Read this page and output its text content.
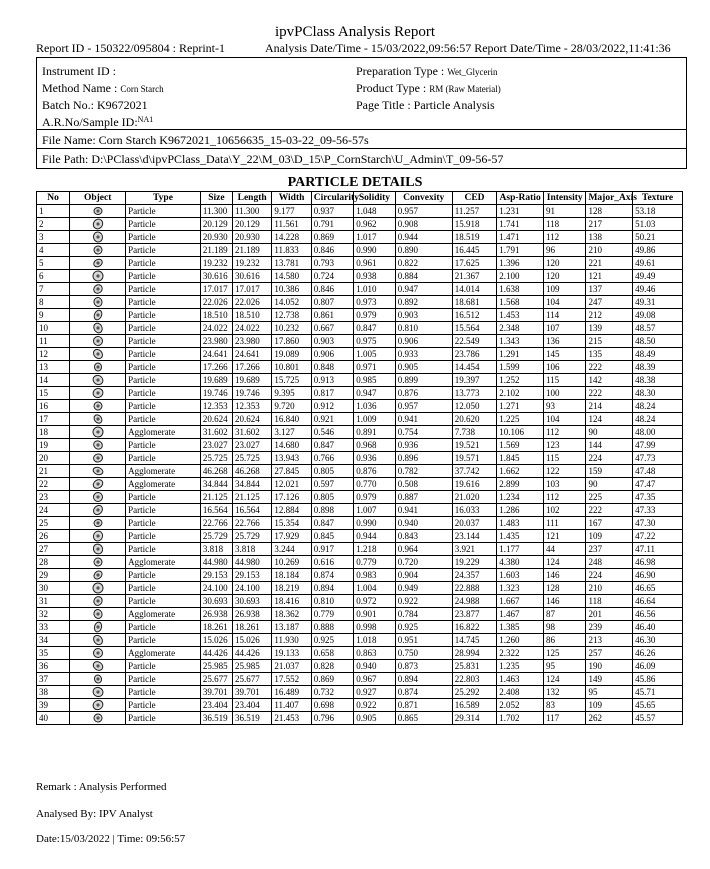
ipvPClass Analysis Report
Report ID - 150322/095804 : Reprint-1	Analysis Date/Time - 15/03/2022,09:56:57 Report Date/Time - 28/03/2022,11:41:36
Instrument ID :	Preparation Type : Wet_Glycerin
Method Name : Corn Starch	Product Type : RM (Raw Material)
Batch No.: K9672021	Page Title : Particle Analysis
A.R.No/Sample ID:$^{NA1}$
File Name: Corn Starch K9672021_10656635_15-03-22_09-56-57s
File Path: D:\PClass\d\ipvPClass_Data\Y_22\M_03\D_15\P_CornStarch\U_Admin\T_09-56-57
PARTICLE DETAILS
No	Object	Type	Size	Length	Width	Circularity	Solidity	Convexity	CED	Asp-Ratio	Intensity	Major_Axis	Texture
1		Particle	11.300	11.300	9.177	0.937	1.048	0.957	11.257	1.231	91	128	53.18
2		Particle	20.129	20.129	11.561	0.791	0.962	0.908	15.918	1.741	118	217	51.03
3		Particle	20.930	20.930	14.228	0.869	1.017	0.944	18.519	1.471	112	138	50.21
4		Particle	21.189	21.189	11.833	0.846	0.990	0.890	16.445	1.791	96	210	49.86
5		Particle	19.232	19.232	13.781	0.793	0.961	0.822	17.625	1.396	120	221	49.61
6		Particle	30.616	30.616	14.580	0.724	0.938	0.884	21.367	2.100	120	121	49.49
7		Particle	17.017	17.017	10.386	0.846	1.010	0.947	14.014	1.638	109	137	49.46
8		Particle	22.026	22.026	14.052	0.807	0.973	0.892	18.681	1.568	104	247	49.31
9		Particle	18.510	18.510	12.738	0.861	0.979	0.903	16.512	1.453	114	212	49.08
10		Particle	24.022	24.022	10.232	0.667	0.847	0.810	15.564	2.348	107	139	48.57
11		Particle	23.980	23.980	17.860	0.903	0.975	0.906	22.549	1.343	136	215	48.50
12		Particle	24.641	24.641	19.089	0.906	1.005	0.933	23.786	1.291	145	135	48.49
13		Particle	17.266	17.266	10.801	0.848	0.971	0.905	14.454	1.599	106	222	48.39
14		Particle	19.689	19.689	15.725	0.913	0.985	0.899	19.397	1.252	115	142	48.38
15		Particle	19.746	19.746	9.395	0.817	0.947	0.876	13.773	2.102	100	222	48.30
16		Particle	12.353	12.353	9.720	0.912	1.036	0.957	12.050	1.271	93	214	48.24
17		Particle	20.624	20.624	16.840	0.921	1.009	0.941	20.620	1.225	104	124	48.24
18		Agglomerate	31.602	31.602	3.127	0.546	0.891	0.754	7.738	10.106	112	90	48.00
19		Particle	23.027	23.027	14.680	0.847	0.968	0.936	19.521	1.569	123	144	47.99
20		Particle	25.725	25.725	13.943	0.766	0.936	0.896	19.571	1.845	115	224	47.73
21		Agglomerate	46.268	46.268	27.845	0.805	0.876	0.782	37.742	1.662	122	159	47.48
22		Agglomerate	34.844	34.844	12.021	0.597	0.770	0.508	19.616	2.899	103	90	47.47
23		Particle	21.125	21.125	17.126	0.805	0.979	0.887	21.020	1.234	112	225	47.35
24		Particle	16.564	16.564	12.884	0.898	1.007	0.941	16.033	1.286	102	222	47.33
25		Particle	22.766	22.766	15.354	0.847	0.990	0.940	20.037	1.483	111	167	47.30
26		Particle	25.729	25.729	17.929	0.845	0.944	0.843	23.144	1.435	121	109	47.22
27		Particle	3.818	3.818	3.244	0.917	1.218	0.964	3.921	1.177	44	237	47.11
28		Agglomerate	44.980	44.980	10.269	0.616	0.779	0.720	19.229	4.380	124	248	46.98
29		Particle	29.153	29.153	18.184	0.874	0.983	0.904	24.357	1.603	146	224	46.90
30		Particle	24.100	24.100	18.219	0.894	1.004	0.949	22.888	1.323	128	210	46.65
31		Particle	30.693	30.693	18.416	0.810	0.972	0.922	24.988	1.667	146	118	46.64
32		Agglomerate	26.938	26.938	18.362	0.779	0.901	0.784	23.877	1.467	87	201	46.56
33		Particle	18.261	18.261	13.187	0.888	0.998	0.925	16.822	1.385	98	239	46.40
34		Particle	15.026	15.026	11.930	0.925	1.018	0.951	14.745	1.260	86	213	46.30
35		Agglomerate	44.426	44.426	19.133	0.658	0.863	0.750	28.994	2.322	125	257	46.26
36		Particle	25.985	25.985	21.037	0.828	0.940	0.873	25.831	1.235	95	190	46.09
37		Particle	25.677	25.677	17.552	0.869	0.967	0.894	22.803	1.463	124	149	45.86
38		Particle	39.701	39.701	16.489	0.732	0.927	0.874	25.292	2.408	132	95	45.71
39		Particle	23.404	23.404	11.407	0.698	0.922	0.871	16.589	2.052	83	109	45.65
40		Particle	36.519	36.519	21.453	0.796	0.905	0.865	29.314	1.702	117	262	45.57
Remark : Analysis Performed
Analysed By: IPV Analyst
Date:15/03/2022 | Time: 09:56:57
